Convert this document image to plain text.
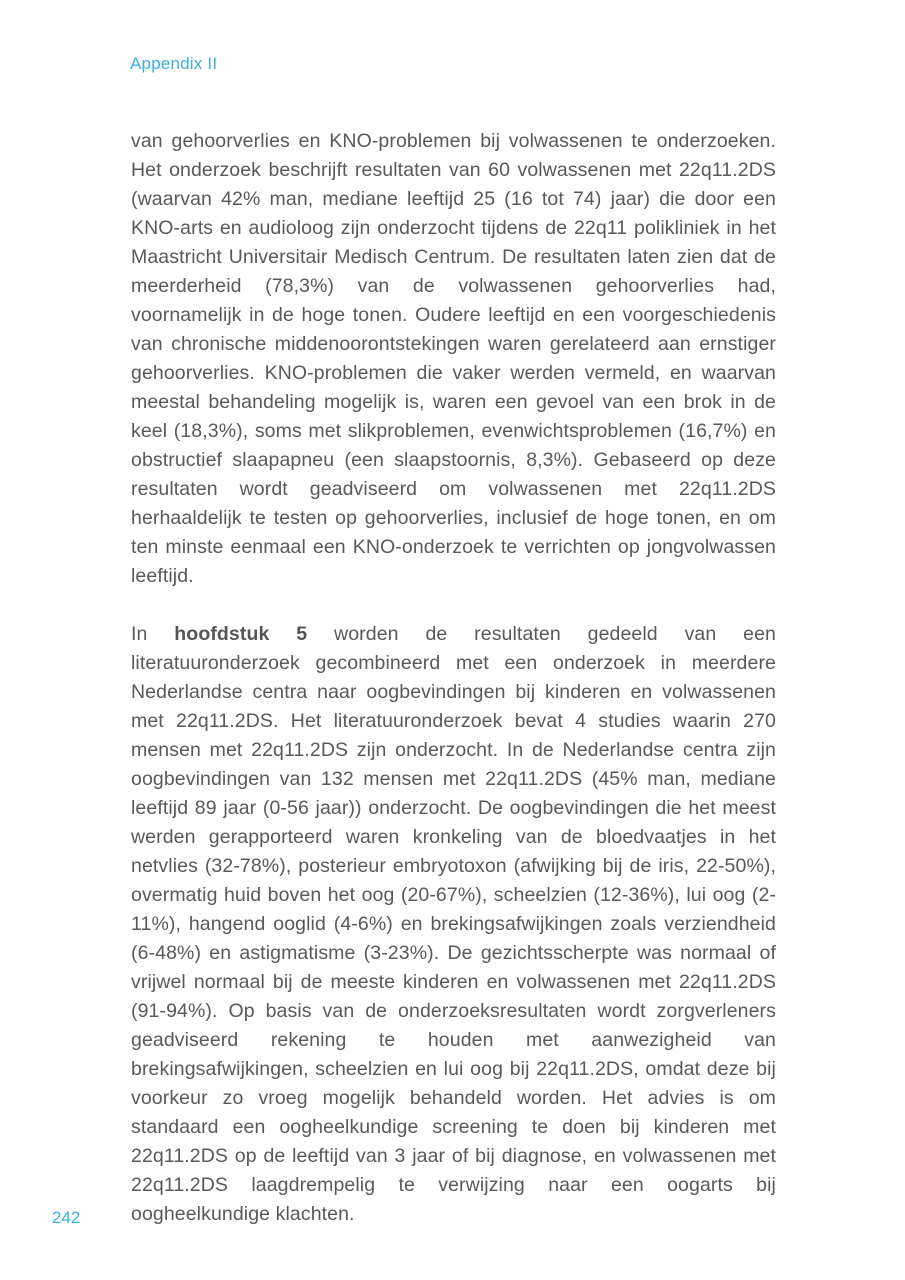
Appendix II

van gehoorverlies en KNO-problemen bij volwassenen te onderzoeken. Het onderzoek beschrijft resultaten van 60 volwassenen met 22q11.2DS (waarvan 42% man, mediane leeftijd 25 (16 tot 74) jaar) die door een KNO-arts en audioloog zijn onderzocht tijdens de 22q11 polikliniek in het Maastricht Universitair Medisch Centrum. De resultaten laten zien dat de meerderheid (78,3%) van de volwassenen gehoorverlies had, voornamelijk in de hoge tonen. Oudere leeftijd en een voorgeschiedenis van chronische middenoorontstekingen waren gerelateerd aan ernstiger gehoorverlies. KNO-problemen die vaker werden vermeld, en waarvan meestal behandeling mogelijk is, waren een gevoel van een brok in de keel (18,3%), soms met slikproblemen, evenwichtsproblemen (16,7%) en obstructief slaapapneu (een slaapstoornis, 8,3%). Gebaseerd op deze resultaten wordt geadviseerd om volwassenen met 22q11.2DS herhaaldelijk te testen op gehoorverlies, inclusief de hoge tonen, en om ten minste eenmaal een KNO-onderzoek te verrichten op jongvolwassen leeftijd.

In hoofdstuk 5 worden de resultaten gedeeld van een literatuuronderzoek gecombineerd met een onderzoek in meerdere Nederlandse centra naar oogbevindingen bij kinderen en volwassenen met 22q11.2DS. Het literatuuronderzoek bevat 4 studies waarin 270 mensen met 22q11.2DS zijn onderzocht. In de Nederlandse centra zijn oogbevindingen van 132 mensen met 22q11.2DS (45% man, mediane leeftijd 89 jaar (0-56 jaar)) onderzocht. De oogbevindingen die het meest werden gerapporteerd waren kronkeling van de bloedvaatjes in het netvlies (32-78%), posterieur embryotoxon (afwijking bij de iris, 22-50%), overmatig huid boven het oog (20-67%), scheelzien (12-36%), lui oog (2-11%), hangend ooglid (4-6%) en brekingsafwijkingen zoals verziendheid (6-48%) en astigmatisme (3-23%). De gezichtsscherpte was normaal of vrijwel normaal bij de meeste kinderen en volwassenen met 22q11.2DS (91-94%). Op basis van de onderzoeksresultaten wordt zorgverleners geadviseerd rekening te houden met aanwezigheid van brekingsafwijkingen, scheelzien en lui oog bij 22q11.2DS, omdat deze bij voorkeur zo vroeg mogelijk behandeld worden. Het advies is om standaard een oogheelkundige screening te doen bij kinderen met 22q11.2DS op de leeftijd van 3 jaar of bij diagnose, en volwassenen met 22q11.2DS laagdrempelig te verwijzing naar een oogarts bij oogheelkundige klachten.

242
